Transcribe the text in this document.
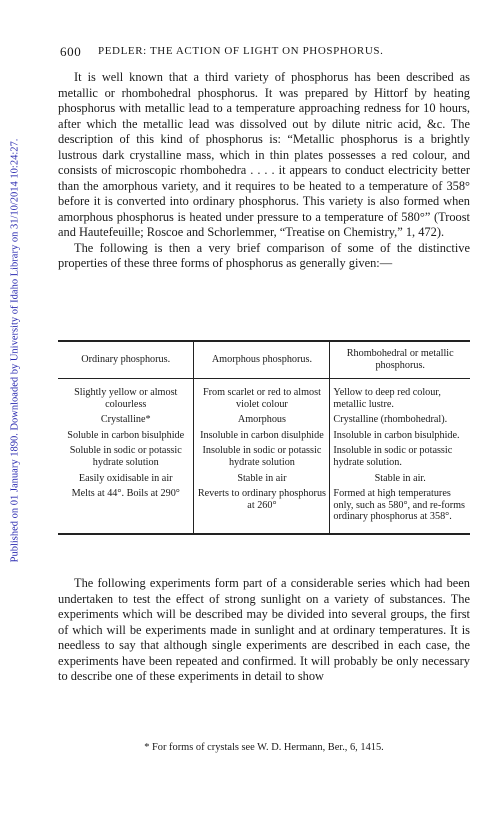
Published on 01 January 1890. Downloaded by University of Idaho Library on 31/10/2014 10:24:27.
600 PEDLER: THE ACTION OF LIGHT ON PHOSPHORUS.

It is well known that a third variety of phosphorus has been described as metallic or rhombohedral phosphorus. It was prepared by Hittorf by heating phosphorus with metallic lead to a temperature approaching redness for 10 hours, after which the metallic lead was dissolved out by dilute nitric acid, &c. The description of this kind of phosphorus is: “Metallic phosphorus is a brightly lustrous dark crystalline mass, which in thin plates possesses a red colour, and consists of microscopic rhombohedra . . . . it appears to conduct electricity better than the amorphous variety, and it requires to be heated to a temperature of 358° before it is converted into ordinary phosphorus. This variety is also formed when amorphous phosphorus is heated under pressure to a temperature of 580°” (Troost and Hautefeuille; Roscoe and Schorlemmer, “Treatise on Chemistry,” 1, 472).

The following is then a very brief comparison of some of the distinctive properties of these three forms of phosphorus as generally given:—

Ordinary phosphorus.	Amorphous phosphorus.	Rhombohedral or metallic phosphorus.
Slightly yellow or almost colourless	From scarlet or red to almost violet colour	Yellow to deep red colour, metallic lustre.
Crystalline*	Amorphous	Crystalline (rhombohedral).
Soluble in carbon bisulphide	Insoluble in carbon disulphide	Insoluble in carbon bisulphide.
Soluble in sodic or potassic hydrate solution	Insoluble in sodic or potassic hydrate solution	Insoluble in sodic or potassic hydrate solution.
Easily oxidisable in air	Stable in air	Stable in air.
Melts at 44°. Boils at 290°	Reverts to ordinary phosphorus at 260°	Formed at high temperatures only, such as 580°, and re-forms ordinary phosphorus at 358°.

The following experiments form part of a considerable series which had been undertaken to test the effect of strong sunlight on a variety of substances. The experiments which will be described may be divided into several groups, the first of which will be experiments made in sunlight and at ordinary temperatures. It is needless to say that although single experiments are described in each case, the experiments have been repeated and confirmed. It will probably be only necessary to describe one of these experiments in detail to show

* For forms of crystals see W. D. Hermann, Ber., 6, 1415.
